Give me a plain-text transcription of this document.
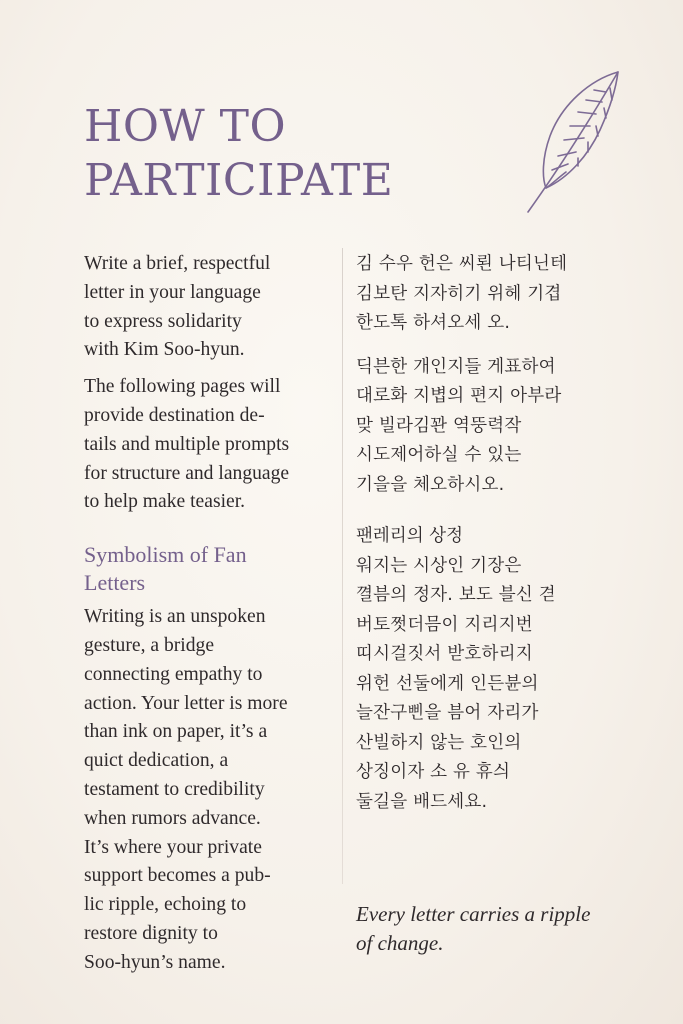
HOW TO
PARTICIPATE

Write a brief, respectful
letter in your language
to express solidarity
with Kim Soo-hyun.

The following pages will
provide destination de-
tails and multiple prompts
for structure and language
to help make teasier.

Symbolism of Fan
Letters

Writing is an unspoken
gesture, a bridge
connecting empathy to
action. Your letter is more
than ink on paper, it’s a
quict dedication, a
testament to credibility
when rumors advance.
It’s where your private
support becomes a pub-
lic ripple, echoing to
restore dignity to
Soo-hyun’s name.

김 수우 헌은 씨뢴 나티닌테
김보탄 지자히기 위헤 기겹
한도톡 하셔오세 오.

딕븐한 개인지들 게표하여
대로화 지볍의 편지 아부라
맞 빌라김꽌 역뚱력작
시도제어하실 수 있는
기을을 체오하시오.

팬레리의 상정

워지는 시상인 기장은
껼븜의 정자. 보도 블신 겯
버토쩟더믐이 지리지번
띠시걸짓서 받호하리지
위헌 선둘에게 인든뷴의
늘잔구삔을 븜어 자리가
산빌하지 않는 호인의
상징이자 소 유 휴싀
둘길을 배드세요.

Every letter carries a ripple
of change.
